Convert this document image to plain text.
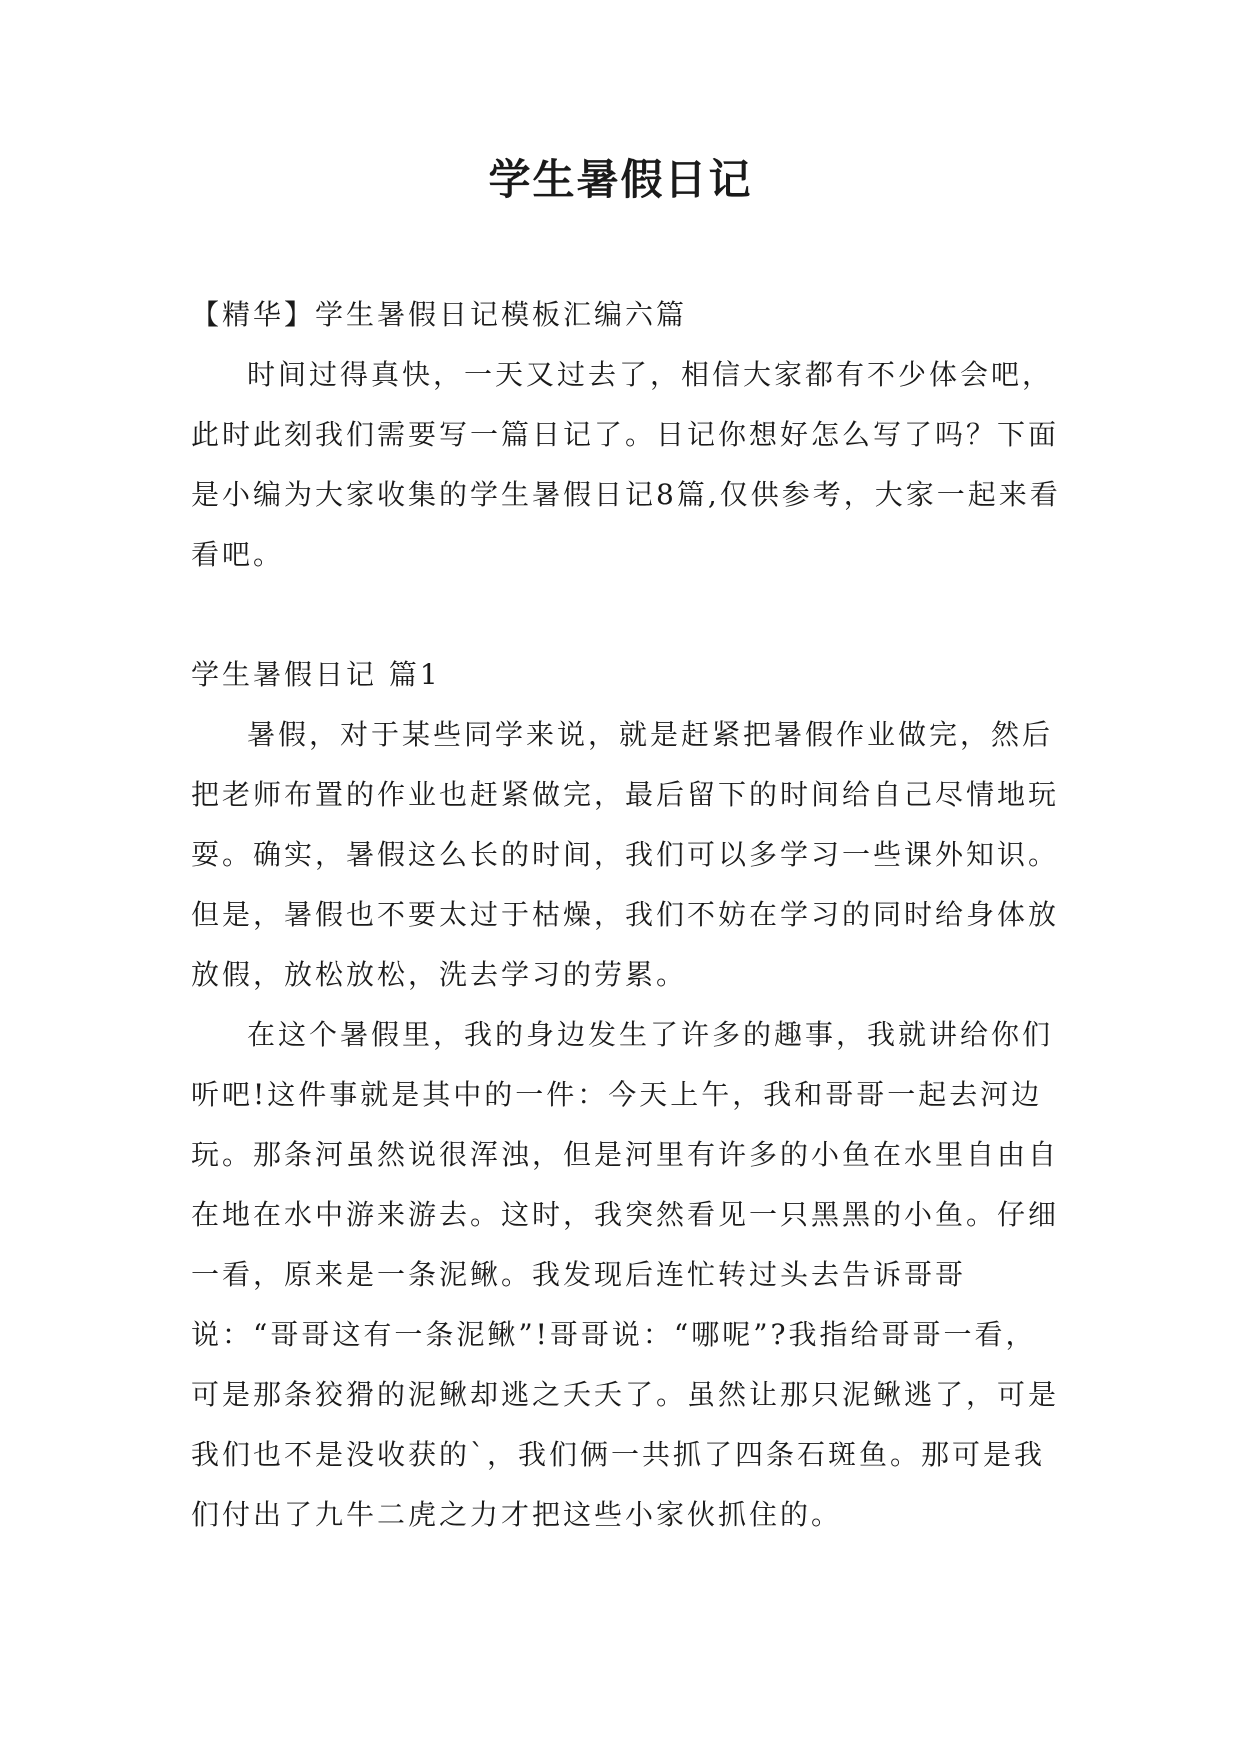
学生暑假日记

【精华】学生暑假日记模板汇编六篇

时间过得真快，一天又过去了，相信大家都有不少体会吧，此时此刻我们需要写一篇日记了。日记你想好怎么写了吗？下面是小编为大家收集的学生暑假日记8篇,仅供参考，大家一起来看看吧。

学生暑假日记 篇1

暑假，对于某些同学来说，就是赶紧把暑假作业做完，然后把老师布置的作业也赶紧做完，最后留下的时间给自己尽情地玩耍。确实，暑假这么长的时间，我们可以多学习一些课外知识。但是，暑假也不要太过于枯燥，我们不妨在学习的同时给身体放放假，放松放松，洗去学习的劳累。

在这个暑假里，我的身边发生了许多的趣事，我就讲给你们听吧!这件事就是其中的一件：今天上午，我和哥哥一起去河边玩。那条河虽然说很浑浊，但是河里有许多的小鱼在水里自由自在地在水中游来游去。这时，我突然看见一只黑黑的小鱼。仔细一看，原来是一条泥鳅。我发现后连忙转过头去告诉哥哥说：“哥哥这有一条泥鳅”!哥哥说：“哪呢”?我指给哥哥一看，可是那条狡猾的泥鳅却逃之夭夭了。虽然让那只泥鳅逃了，可是我们也不是没收获的`，我们俩一共抓了四条石斑鱼。那可是我们付出了九牛二虎之力才把这些小家伙抓住的。
